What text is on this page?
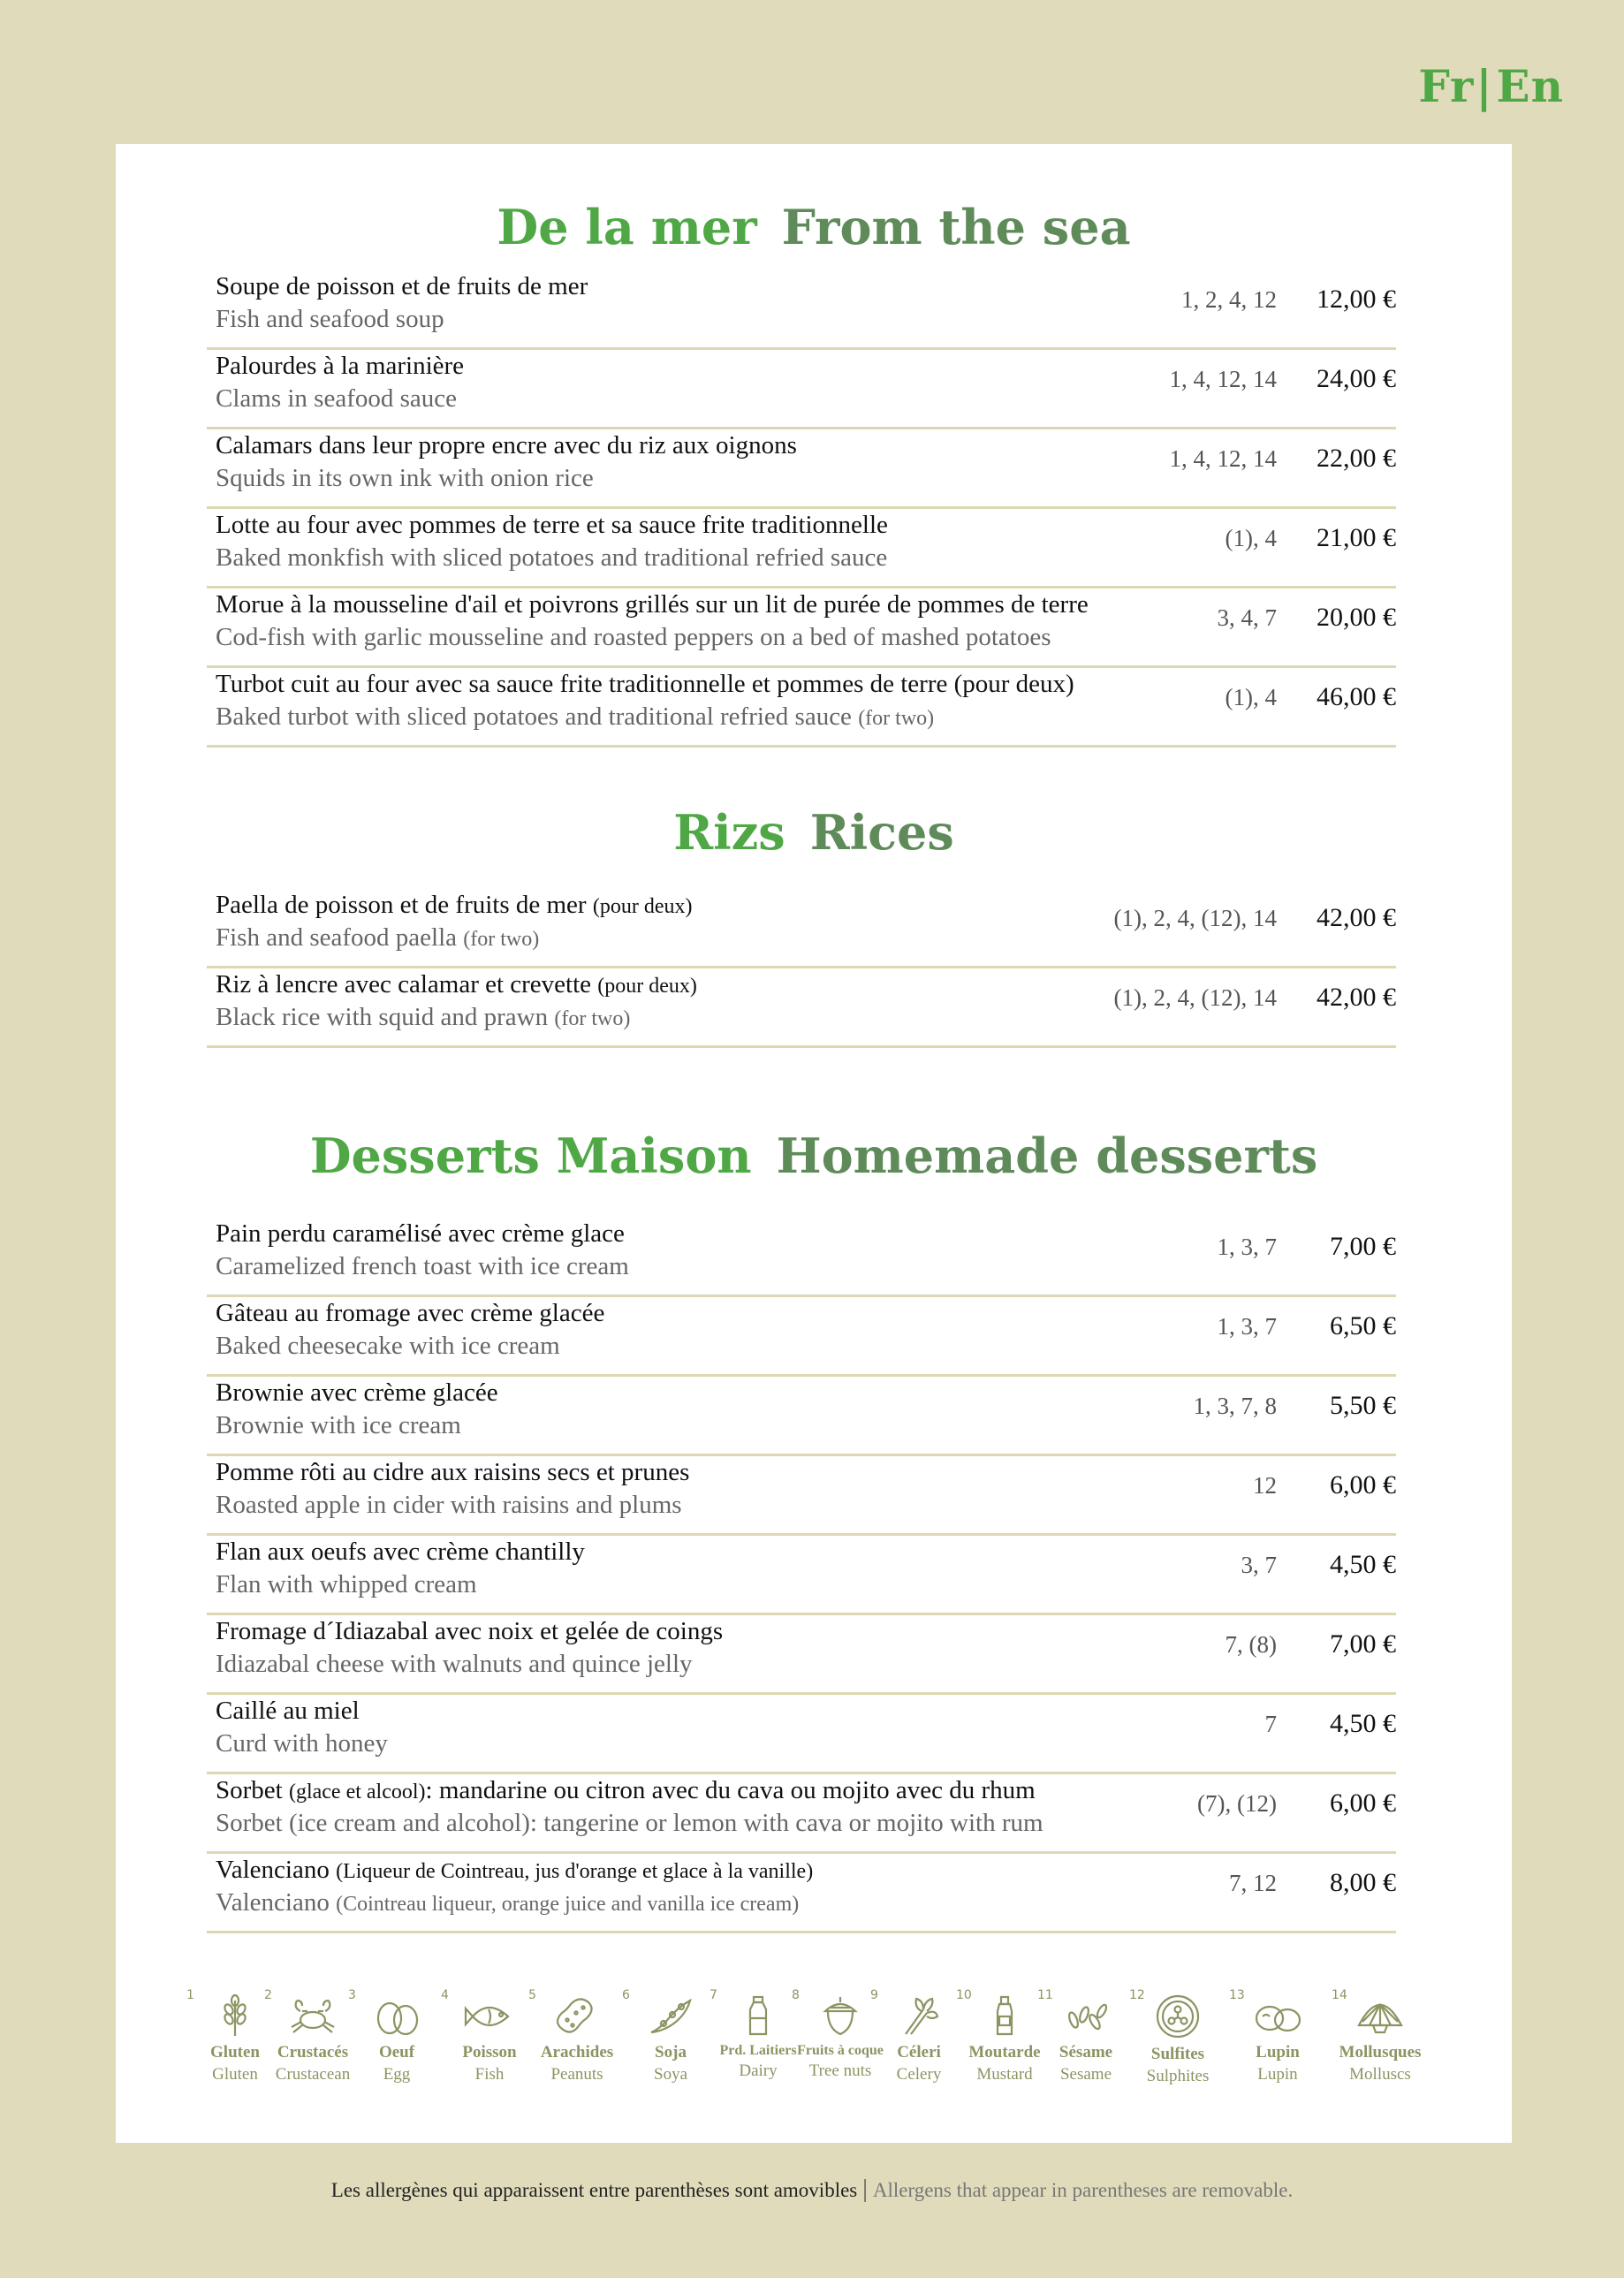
Fr|En
De la mer From the sea
Soupe de poisson et de fruits de mer
Fish and seafood soup
1, 2, 4, 12 12,00 €
Palourdes à la marinière
Clams in seafood sauce
1, 4, 12, 14 24,00 €
Calamars dans leur propre encre avec du riz aux oignons
Squids in its own ink with onion rice
1, 4, 12, 14 22,00 €
Lotte au four avec pommes de terre et sa sauce frite traditionnelle
Baked monkfish with sliced potatoes and traditional refried sauce
(1), 4 21,00 €
Morue à la mousseline d'ail et poivrons grillés sur un lit de purée de pommes de terre
Cod-fish with garlic mousseline and roasted peppers on a bed of mashed potatoes
3, 4, 7 20,00 €
Turbot cuit au four avec sa sauce frite traditionnelle et pommes de terre (pour deux)
Baked turbot with sliced potatoes and traditional refried sauce (for two)
(1), 4 46,00 €
Rizs Rices
Paella de poisson et de fruits de mer (pour deux)
Fish and seafood paella (for two)
(1), 2, 4, (12), 14 42,00 €
Riz à lencre avec calamar et crevette (pour deux)
Black rice with squid and prawn (for two)
(1), 2, 4, (12), 14 42,00 €
Desserts Maison Homemade desserts
Pain perdu caramélisé avec crème glace
Caramelized french toast with ice cream
1, 3, 7 7,00 €
Gâteau au fromage avec crème glacée
Baked cheesecake with ice cream
1, 3, 7 6,50 €
Brownie avec crème glacée
Brownie with ice cream
1, 3, 7, 8 5,50 €
Pomme rôti au cidre aux raisins secs et prunes
Roasted apple in cider with raisins and plums
12 6,00 €
Flan aux oeufs avec crème chantilly
Flan with whipped cream
3, 7 4,50 €
Fromage d´Idiazabal avec noix et gelée de coings
Idiazabal cheese with walnuts and quince jelly
7, (8) 7,00 €
Caillé au miel
Curd with honey
7 4,50 €
Sorbet (glace et alcool): mandarine ou citron avec du cava ou mojito avec du rhum
Sorbet (ice cream and alcohol): tangerine or lemon with cava or mojito with rum
(7), (12) 6,00 €
Valenciano (Liqueur de Cointreau, jus d'orange et glace à la vanille)
Valenciano (Cointreau liqueur, orange juice and vanilla ice cream)
7, 12 8,00 €
1
Gluten
Gluten
2
Crustacés
Crustacean
3
Oeuf
Egg
4
Poisson
Fish
5
Arachides
Peanuts
6
Soja
Soya
7
Prd. Laitiers
Dairy
8
Fruits à coque
Tree nuts
9
Céleri
Celery
10
Moutarde
Mustard
11
Sésame
Sesame
12
Sulfites
Sulphites
13
Lupin
Lupin
14
Mollusques
Molluscs
Les allergènes qui apparaissent entre parenthèses sont amovibles | Allergens that appear in parentheses are removable.
